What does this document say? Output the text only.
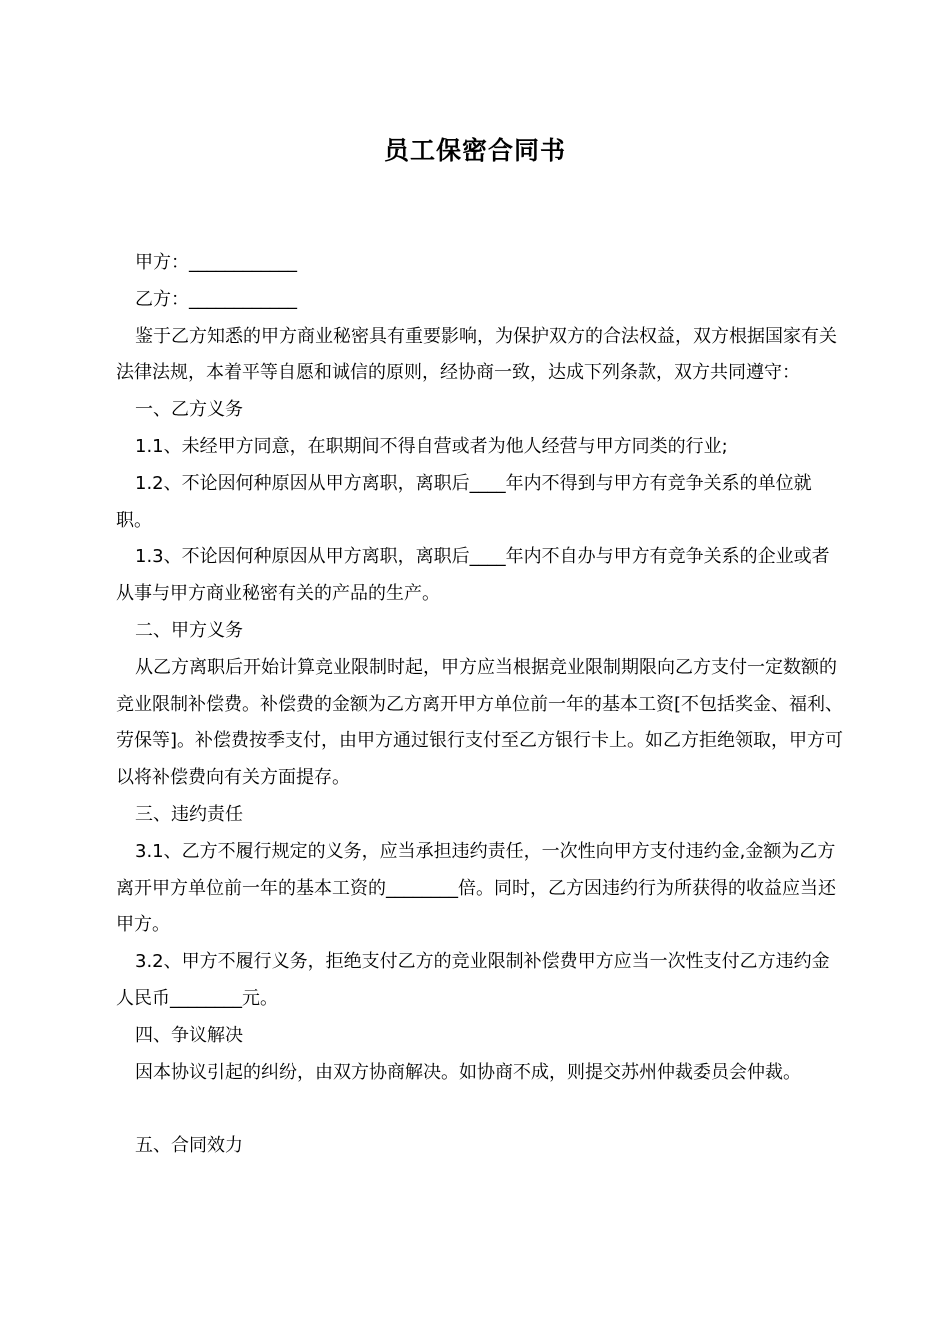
员工保密合同书

甲方：____________

乙方：____________

鉴于乙方知悉的甲方商业秘密具有重要影响，为保护双方的合法权益，双方根据国家有关法律法规，本着平等自愿和诚信的原则，经协商一致，达成下列条款，双方共同遵守：

一、乙方义务

1.1、未经甲方同意，在职期间不得自营或者为他人经营与甲方同类的行业;

1.2、不论因何种原因从甲方离职，离职后____年内不得到与甲方有竞争关系的单位就职。

1.3、不论因何种原因从甲方离职，离职后____年内不自办与甲方有竞争关系的企业或者从事与甲方商业秘密有关的产品的生产。

二、甲方义务

从乙方离职后开始计算竞业限制时起，甲方应当根据竞业限制期限向乙方支付一定数额的竞业限制补偿费。补偿费的金额为乙方离开甲方单位前一年的基本工资[不包括奖金、福利、劳保等]。补偿费按季支付，由甲方通过银行支付至乙方银行卡上。如乙方拒绝领取，甲方可以将补偿费向有关方面提存。

三、违约责任

3.1、乙方不履行规定的义务，应当承担违约责任，一次性向甲方支付违约金,金额为乙方离开甲方单位前一年的基本工资的________倍。同时，乙方因违约行为所获得的收益应当还甲方。

3.2、甲方不履行义务，拒绝支付乙方的竞业限制补偿费甲方应当一次性支付乙方违约金人民币________元。

四、争议解决

因本协议引起的纠纷，由双方协商解决。如协商不成，则提交苏州仲裁委员会仲裁。

五、合同效力
